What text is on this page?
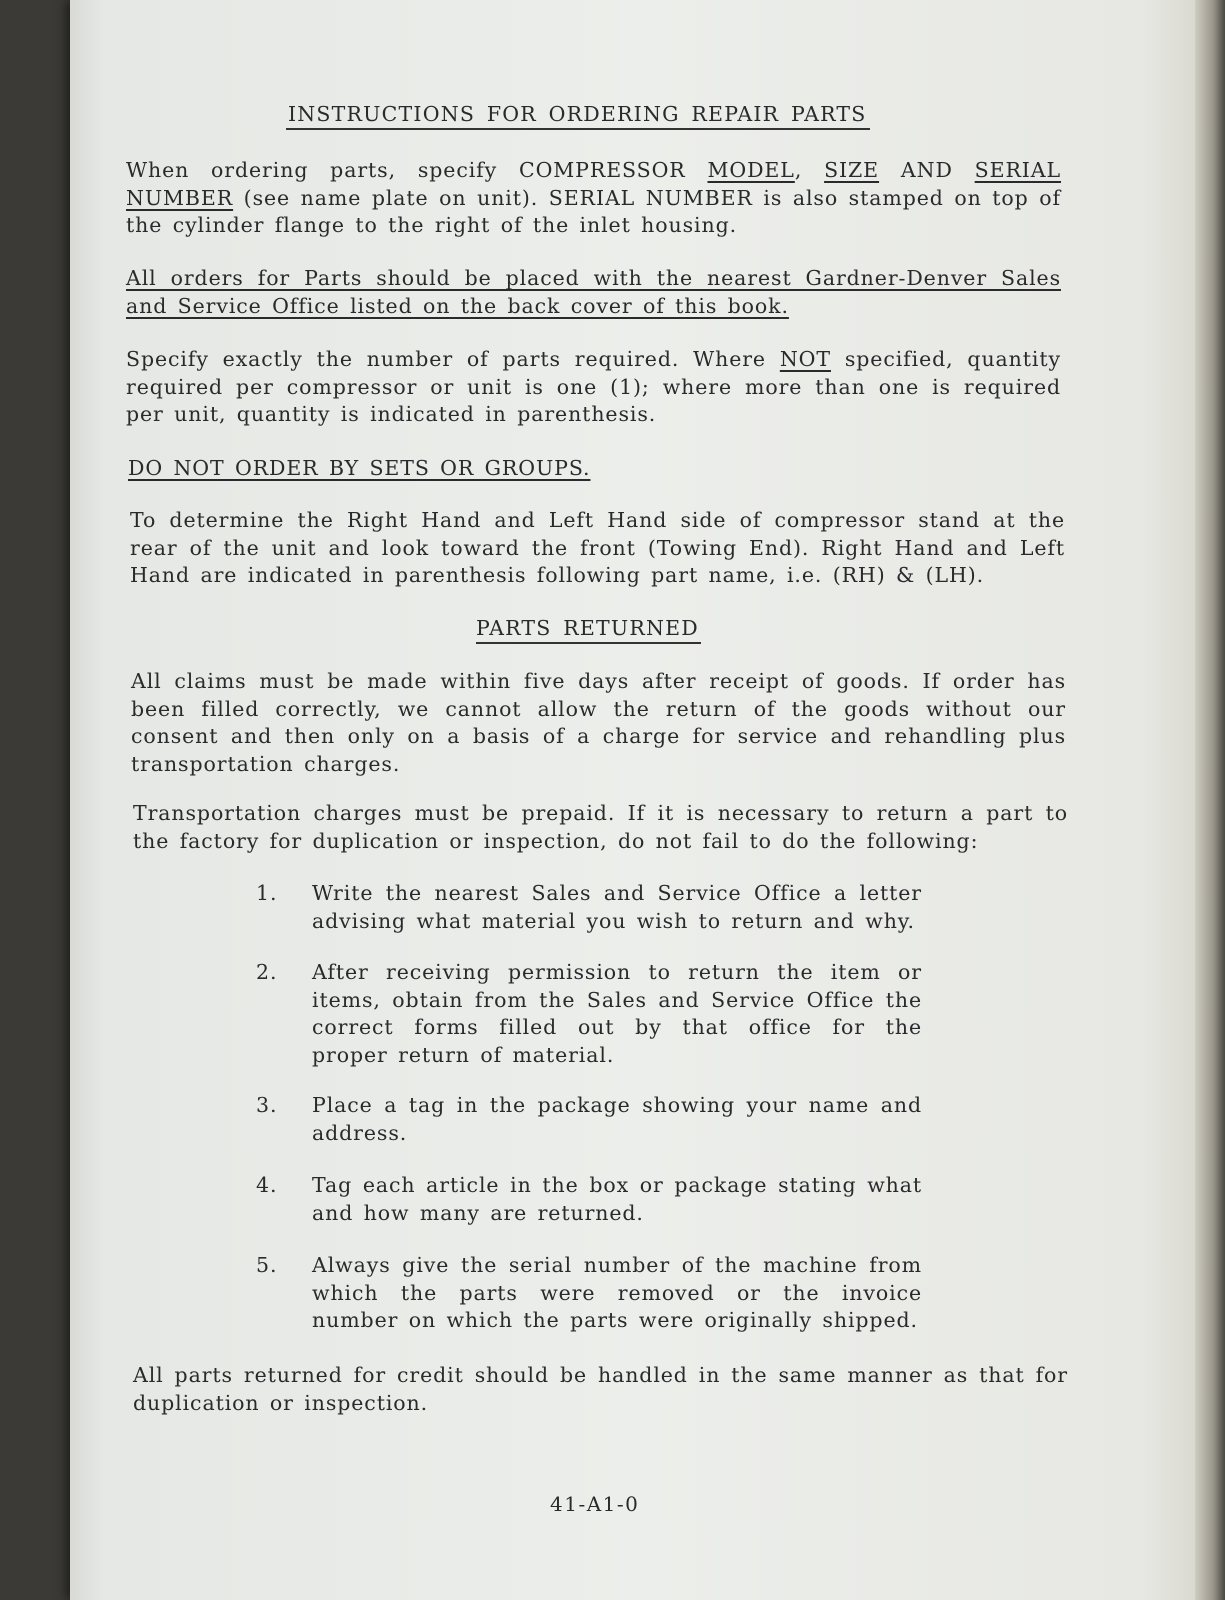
INSTRUCTIONS FOR ORDERING REPAIR PARTS
When ordering parts, specify COMPRESSOR MODEL, SIZE AND SERIAL NUMBER (see name plate on unit). SERIAL NUMBER is also stamped on top of the cylinder flange to the right of the inlet housing.
All orders for Parts should be placed with the nearest Gardner-Denver Sales and Service Office listed on the back cover of this book.
Specify exactly the number of parts required. Where NOT specified, quantity required per compressor or unit is one (1); where more than one is required per unit, quantity is indicated in parenthesis.
DO NOT ORDER BY SETS OR GROUPS.
To determine the Right Hand and Left Hand side of compressor stand at the rear of the unit and look toward the front (Towing End). Right Hand and Left Hand are indicated in parenthesis following part name, i.e. (RH) & (LH).
PARTS RETURNED
All claims must be made within five days after receipt of goods. If order has been filled correctly, we cannot allow the return of the goods without our consent and then only on a basis of a charge for service and rehandling plus transportation charges.
Transportation charges must be prepaid. If it is necessary to return a part to the factory for duplication or inspection, do not fail to do the following:
1.	Write the nearest Sales and Service Office a letter advising what material you wish to return and why.
2.	After receiving permission to return the item or items, obtain from the Sales and Service Office the correct forms filled out by that office for the proper return of material.
3.	Place a tag in the package showing your name and address.
4.	Tag each article in the box or package stating what and how many are returned.
5.	Always give the serial number of the machine from which the parts were removed or the invoice number on which the parts were originally shipped.
All parts returned for credit should be handled in the same manner as that for duplication or inspection.
41-A1-0
